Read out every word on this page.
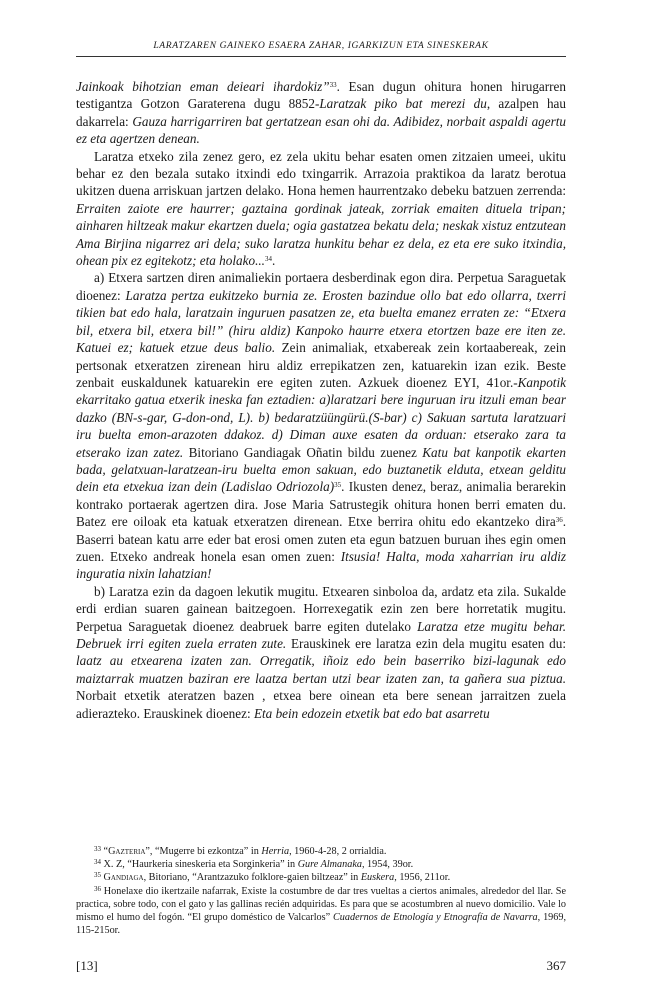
LARATZAREN GAINEKO ESAERA ZAHAR, IGARKIZUN ETA SINESKERAK

Jainkoak bihotzian eman deieari ihardokiz”$^{33}$. Esan dugun ohitura honen hirugarren testigantza Gotzon Garaterena dugu 8852-Laratzak piko bat merezi du, azalpen hau dakarrela: Gauza harrigarriren bat gertatzean esan ohi da. Adibidez, norbait aspaldi agertu ez eta agertzen denean.

Laratza etxeko zila zenez gero, ez zela ukitu behar esaten omen zitzaien umeei, ukitu behar ez den bezala sutako itxindi edo txingarrik. Arrazoia praktikoa da laratz berotua ukitzen duena arriskuan jartzen delako. Hona hemen haurrentzako debeku batzuen zerrenda: Erraiten zaiote ere haurrer; gaztaina gordinak jateak, zorriak emaiten dituela tripan; ainharen hiltzeak makur ekartzen duela; ogia gastatzea bekatu dela; neskak xistuz entzutean Ama Birjina nigarrez ari dela; suko laratza hunkitu behar ez dela, ez eta ere suko itxindia, ohean pix ez egitekotz; eta holako...$^{34}$.

a) Etxera sartzen diren animaliekin portaera desberdinak egon dira. Perpetua Saraguetak dioenez: Laratza pertza eukitzeko burnia ze. Erosten bazindue ollo bat edo ollarra, txerri tikien bat edo hala, laratzain inguruen pasatzen ze, eta buelta emanez erraten ze: “Etxera bil, etxera bil, etxera bil!” (hiru aldiz) Kanpoko haurre etxera etortzen baze ere iten ze. Katuei ez; katuek etzue deus balio. Zein animaliak, etxabereak zein kortaabereak, zein pertsonak etxeratzen zirenean hiru aldiz errepikatzen zen, katuarekin izan ezik. Beste zenbait euskaldunek katuarekin ere egiten zuten. Azkuek dioenez EYI, 41or.-Kanpotik ekarritako gatua etxerik ineska fan eztadien: a)laratzari bere inguruan iru itzuli eman bear dazko (BN-s-gar, G-don-ond, L). b) bedaratzüüngürü.(S-bar) c) Sakuan sartuta laratzuari iru buelta emon-arazoten ddakoz. d) Diman auxe esaten da orduan: etserako zara ta etserako izan zatez. Bitoriano Gandiagak Oñatin bildu zuenez Katu bat kanpotik ekarten bada, gelatxuan-laratzean-iru buelta emon sakuan, edo buztanetik elduta, etxean gelditu dein eta etxekua izan dein (Ladislao Odriozola)$^{35}$. Ikusten denez, beraz, animalia berarekin kontrako portaerak agertzen dira. Jose Maria Satrustegik ohitura honen berri ematen du. Batez ere oiloak eta katuak etxeratzen direnean. Etxe berrira ohitu edo ekantzeko dira$^{36}$. Baserri batean katu arre eder bat erosi omen zuten eta egun batzuen buruan ihes egin omen zuen. Etxeko andreak honela esan omen zuen: Itsusia! Halta, moda xaharrian iru aldiz inguratia nixin lahatzian!

b) Laratza ezin da dagoen lekutik mugitu. Etxearen sinboloa da, ardatz eta zila. Sukalde erdi erdian suaren gainean baitzegoen. Horrexegatik ezin zen bere horretatik mugitu. Perpetua Saraguetak dioenez deabruek barre egiten dutelako Laratza etze mugitu behar. Debruek irri egiten zuela erraten zute. Erauskinek ere laratza ezin dela mugitu esaten du: laatz au etxearena izaten zan. Orregatik, iñoiz edo bein baserriko bizi-lagunak edo maiztarrak muatzen baziran ere laatza bertan utzi bear izaten zan, ta gañera sua piztua. Norbait etxetik ateratzen bazen , etxea bere oinean eta bere senean jarraitzen zuela adierazteko. Erauskinek dioenez: Eta bein edozein etxetik bat edo bat asarretu

$^{33}$ “Gazteria”, “Mugerre bi ezkontza” in Herria, 1960-4-28, 2 orrialdia.

$^{34}$ X. Z, “Haurkeria sineskeria eta Sorginkeria” in Gure Almanaka, 1954, 39or.

$^{35}$ Gandiaga, Bitoriano, “Arantzazuko folklore-gaien biltzeaz” in Euskera, 1956, 211or.

$^{36}$ Honelaxe dio ikertzaile nafarrak, Existe la costumbre de dar tres vueltas a ciertos animales, alrededor del llar. Se practica, sobre todo, con el gato y las gallinas recién adquiridas. Es para que se acostumbren al nuevo domicilio. Vale lo mismo el humo del fogón. “El grupo doméstico de Valcarlos” Cuadernos de Etnología y Etnografía de Navarra, 1969, 115-215or.

[13]	367
